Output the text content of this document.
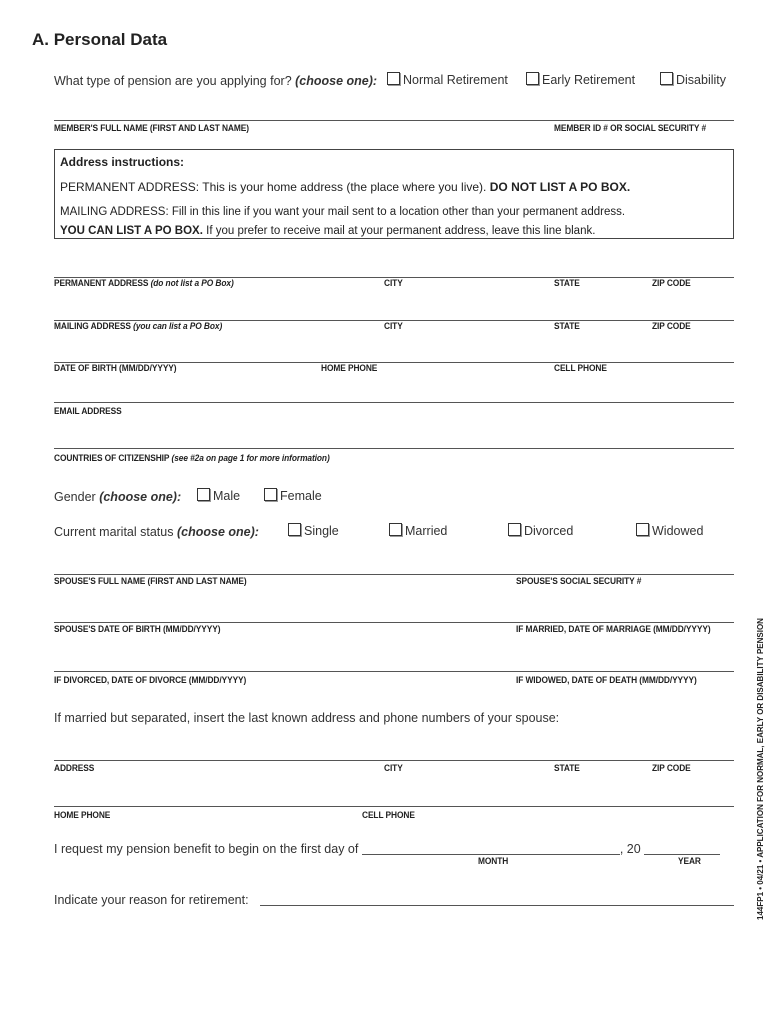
A. Personal Data
What type of pension are you applying for? (choose one):	Normal Retirement	Early Retirement	Disability
MEMBER'S FULL NAME (FIRST AND LAST NAME)	MEMBER ID # OR SOCIAL SECURITY #
Address instructions:
PERMANENT ADDRESS: This is your home address (the place where you live). DO NOT LIST A PO BOX.
MAILING ADDRESS: Fill in this line if you want your mail sent to a location other than your permanent address.
YOU CAN LIST A PO BOX. If you prefer to receive mail at your permanent address, leave this line blank.
PERMANENT ADDRESS (do not list a PO Box)	CITY	STATE	ZIP CODE
MAILING ADDRESS (you can list a PO Box)	CITY	STATE	ZIP CODE
DATE OF BIRTH (MM/DD/YYYY)	HOME PHONE	CELL PHONE
EMAIL ADDRESS
COUNTRIES OF CITIZENSHIP (see #2a on page 1 for more information)
Gender (choose one):	Male	Female
Current marital status (choose one):	Single	Married	Divorced	Widowed
SPOUSE'S FULL NAME (FIRST AND LAST NAME)	SPOUSE'S SOCIAL SECURITY #
SPOUSE'S DATE OF BIRTH (MM/DD/YYYY)	IF MARRIED, DATE OF MARRIAGE (MM/DD/YYYY)
IF DIVORCED, DATE OF DIVORCE (MM/DD/YYYY)	IF WIDOWED, DATE OF DEATH (MM/DD/YYYY)
If married but separated, insert the last known address and phone numbers of your spouse:
ADDRESS	CITY	STATE	ZIP CODE
HOME PHONE	CELL PHONE
I request my pension benefit to begin on the first day of	, 20
MONTH	YEAR
Indicate your reason for retirement:	144FP1 • 04/21 • APPLICATION FOR NORMAL, EARLY OR DISABILITY PENSION
